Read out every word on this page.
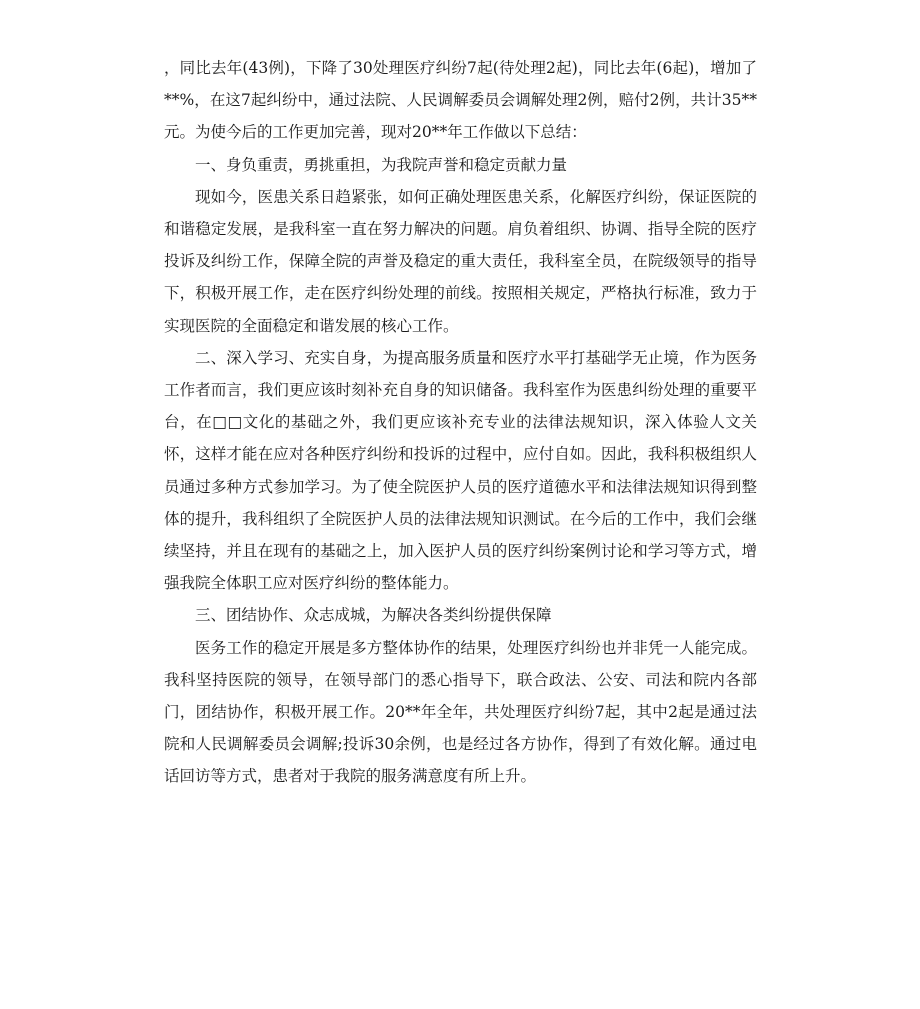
，同比去年(43例)，下降了30处理医疗纠纷7起(待处理2起)，同比去年(6起)，增加了**%，在这7起纠纷中，通过法院、人民调解委员会调解处理2例，赔付2例，共计35**元。为使今后的工作更加完善，现对20**年工作做以下总结：

一、身负重责，勇挑重担，为我院声誉和稳定贡献力量

现如今，医患关系日趋紧张，如何正确处理医患关系，化解医疗纠纷，保证医院的和谐稳定发展，是我科室一直在努力解决的问题。肩负着组织、协调、指导全院的医疗投诉及纠纷工作，保障全院的声誉及稳定的重大责任，我科室全员，在院级领导的指导下，积极开展工作，走在医疗纠纷处理的前线。按照相关规定，严格执行标准，致力于实现医院的全面稳定和谐发展的核心工作。

二、深入学习、充实自身，为提高服务质量和医疗水平打基础学无止境，作为医务工作者而言，我们更应该时刻补充自身的知识储备。我科室作为医患纠纷处理的重要平台，在□□文化的基础之外，我们更应该补充专业的法律法规知识，深入体验人文关怀，这样才能在应对各种医疗纠纷和投诉的过程中，应付自如。因此，我科积极组织人员通过多种方式参加学习。为了使全院医护人员的医疗道德水平和法律法规知识得到整体的提升，我科组织了全院医护人员的法律法规知识测试。在今后的工作中，我们会继续坚持，并且在现有的基础之上，加入医护人员的医疗纠纷案例讨论和学习等方式，增强我院全体职工应对医疗纠纷的整体能力。

三、团结协作、众志成城，为解决各类纠纷提供保障

医务工作的稳定开展是多方整体协作的结果，处理医疗纠纷也并非凭一人能完成。我科坚持医院的领导，在领导部门的悉心指导下，联合政法、公安、司法和院内各部门，团结协作，积极开展工作。20**年全年，共处理医疗纠纷7起，其中2起是通过法院和人民调解委员会调解;投诉30余例，也是经过各方协作，得到了有效化解。通过电话回访等方式，患者对于我院的服务满意度有所上升。
